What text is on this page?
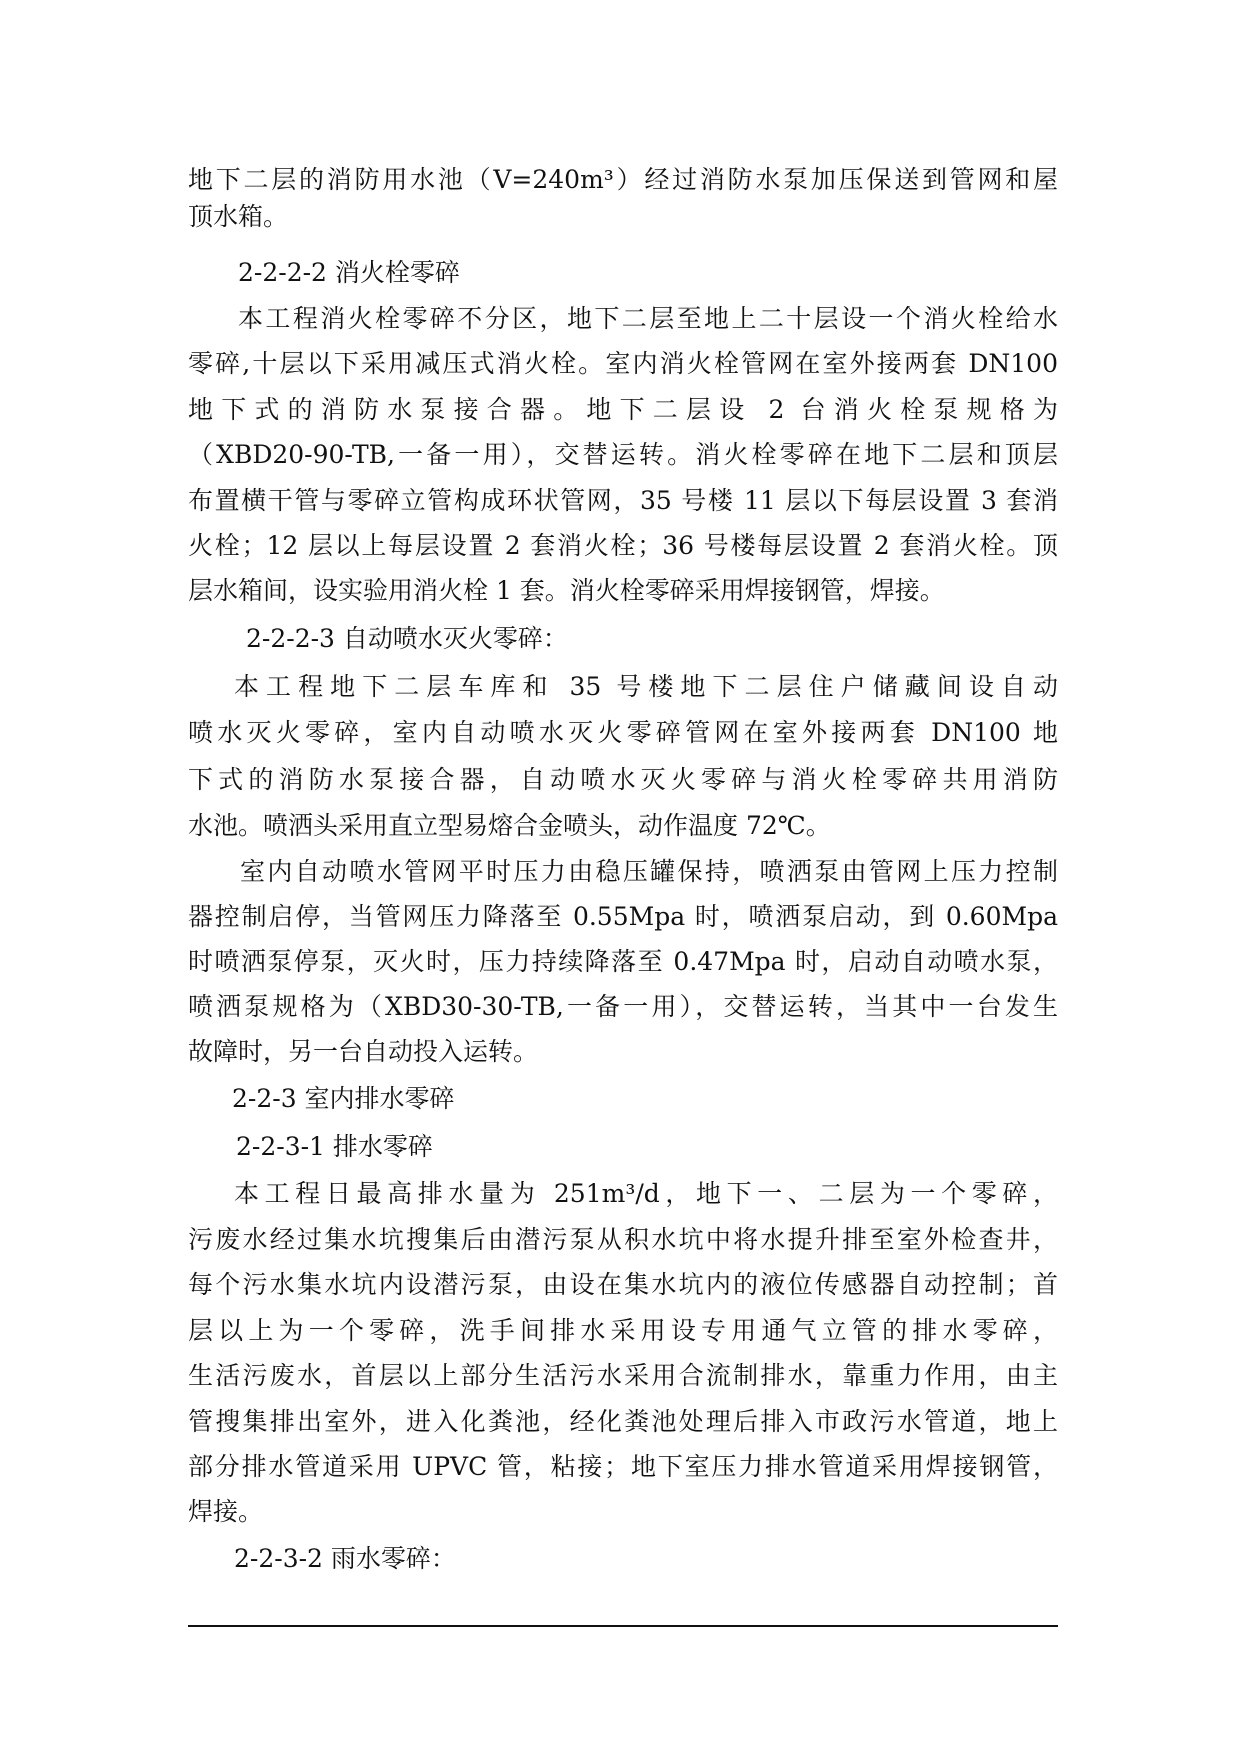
地下二层的消防用水池（V=240m³）经过消防水泵加压保送到管网和屋
顶水箱。
2-2-2-2 消火栓零碎
本工程消火栓零碎不分区，地下二层至地上二十层设一个消火栓给水
零碎,十层以下采用减压式消火栓。室内消火栓管网在室外接两套 DN100
地下式的消防水泵接合器。地下二层设 2 台消火栓泵规格为
（XBD20-90-TB,一备一用），交替运转。消火栓零碎在地下二层和顶层
布置横干管与零碎立管构成环状管网，35 号楼 11 层以下每层设置 3 套消
火栓；12 层以上每层设置 2 套消火栓；36 号楼每层设置 2 套消火栓。顶
层水箱间，设实验用消火栓 1 套。消火栓零碎采用焊接钢管，焊接。
2-2-2-3 自动喷水灭火零碎：
本工程地下二层车库和 35 号楼地下二层住户储藏间设自动
喷水灭火零碎，室内自动喷水灭火零碎管网在室外接两套 DN100 地
下式的消防水泵接合器，自动喷水灭火零碎与消火栓零碎共用消防
水池。喷洒头采用直立型易熔合金喷头，动作温度 72℃。
室内自动喷水管网平时压力由稳压罐保持，喷洒泵由管网上压力控制
器控制启停，当管网压力降落至 0.55Mpa 时，喷洒泵启动，到 0.60Mpa
时喷洒泵停泵，灭火时，压力持续降落至 0.47Mpa 时，启动自动喷水泵，
喷洒泵规格为（XBD30-30-TB,一备一用），交替运转，当其中一台发生
故障时，另一台自动投入运转。
2-2-3 室内排水零碎
2-2-3-1 排水零碎
本工程日最高排水量为 251m³/d，地下一、二层为一个零碎，
污废水经过集水坑搜集后由潜污泵从积水坑中将水提升排至室外检查井，
每个污水集水坑内设潜污泵，由设在集水坑内的液位传感器自动控制；首
层以上为一个零碎，洗手间排水采用设专用通气立管的排水零碎，
生活污废水，首层以上部分生活污水采用合流制排水，靠重力作用，由主
管搜集排出室外，进入化粪池，经化粪池处理后排入市政污水管道，地上
部分排水管道采用 UPVC 管，粘接；地下室压力排水管道采用焊接钢管，
焊接。
2-2-3-2 雨水零碎：
